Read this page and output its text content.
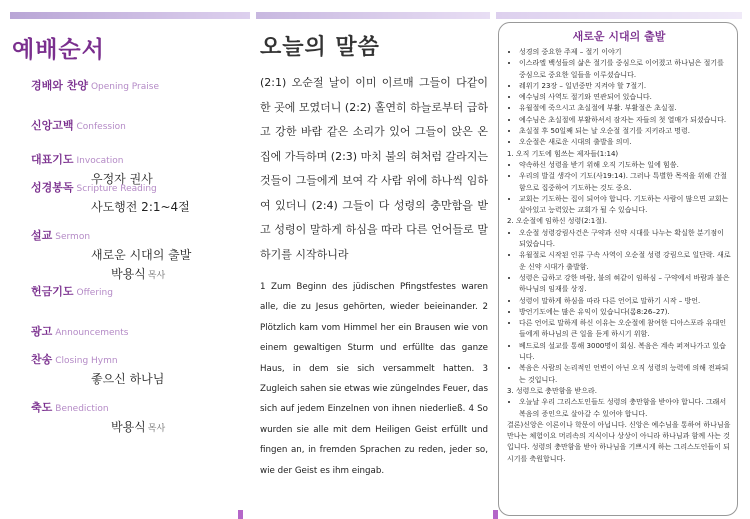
예배순서
경배와 찬양 Opening Praise
신앙고백 Confession
대표기도 Invocation
우정자 권사
성경봉독 Scripture Reading
사도행전 2:1~4절
설교 Sermon
새로운 시대의 출발
박용식 목사
헌금기도 Offering
광고 Announcements
찬송 Closing Hymn
좋으신 하나님
축도 Benediction
박용식 목사
오늘의 말씀

(2:1) 오순절 날이 이미 이르매 그들이 다같이 한 곳에 모였더니 (2:2) 홀연히 하늘로부터 급하고 강한 바람 같은 소리가 있어 그들이 앉은 온 집에 가득하며 (2:3) 마치 불의 혀처럼 갈라지는 것들이 그들에게 보여 각 사람 위에 하나씩 임하여 있더니 (2:4) 그들이 다 성령의 충만함을 받고 성령이 말하게 하심을 따라 다른 언어들로 말하기를 시작하니라

1 Zum Beginn des jüdischen Pfingstfestes waren alle, die zu Jesus gehörten, wieder beieinander. 2 Plötzlich kam vom Himmel her ein Brausen wie von einem gewaltigen Sturm und erfüllte das ganze Haus, in dem sie sich versammelt hatten. 3 Zugleich sahen sie etwas wie züngelndes Feuer, das sich auf jedem Einzelnen von ihnen niederließ. 4 So wurden sie alle mit dem Heiligen Geist erfüllt und fingen an, in fremden Sprachen zu reden, jeder so, wie der Geist es ihm eingab.

새로운 시대의 출발
• 성경의 중요한 주제 – 절기 이야기
• 이스라엘 백성들의 삶은 절기를 중심으로 이어졌고 하나님은 절기를 중심으로 중요한 일들을 이루셨습니다.
• 레위기 23장 – 일년중만 지켜야 할 7절기.
• 예수님의 사역도 절기와 연관되어 있습니다.
• 유월절에 죽으시고 초실절에 부활. 부활절은 초실절.
• 예수님은 초실절에 부활하셔서 잠자는 자들의 첫 열매가 되셨습니다.
• 초실절 후 50일째 되는 날 오순절 절기를 지키라고 명령.
• 오순절은 새로운 시대의 출발을 의미.

1. 오직 기도에 힘쓰는 제자들(1:14)

• 약속하신 성령을 받기 위해 오직 기도하는 일에 힘씀.
• 우리의 발걸 생각이 기도(사19:14). 그러나 특별한 목적을 위해 간절함으로 집중하여 기도하는 것도 중요.
• 교회는 기도하는 집이 되어야 합니다. 기도하는 사람이 많으면 교회는 살아있고 능력있는 교회가 될 수 있습니다.

2. 오순절에 임하신 성령(2:1절).

• 오순절 성령강림사건은 구약과 신약 시대를 나누는 확실한 분기점이 되었습니다.
• 유월절로 시작된 인류 구속 사역이 오순절 성령 강림으로 일단락. 새로운 신약 시대가 출발함.
• 성령은 급하고 강한 바람, 불의 혀같이 임하심 – 구약에서 바람과 불은 하나님의 임재를 상징.
• 성령이 말하게 하심을 따라 다른 언어로 말하기 시작 – 방언.
• 방언기도에는 많은 유익이 있습니다(롬8:26–27).
• 다른 언어로 말하게 하신 이유는 오순절에 참여한 디아스포라 유대인들에게 하나님의 큰 일을 듣게 하시기 위함.
• 베드로의 설교를 통해 3000명이 회심. 복음은 계속 퍼져나가고 있습니다.
• 복음은 사람의 논리적인 언변이 아닌 오직 성령의 능력에 의해 전파되는 것입니다.

3. 성령으로 충만함을 받으라.

• 오늘날 우리 그리스도인들도 성령의 충만함을 받아야 합니다. 그래서 복음의 증인으로 살아갈 수 있어야 합니다.

결론)신앙은 이론이나 학문이 아닙니다. 신앙은 예수님을 통하여 하나님을 만나는 체험이요 머리속의 지식이나 상상이 아니라 하나님과 함께 사는 것입니다. 성령의 충만함을 받아 하나님을 기쁘시게 하는 그리스도인들이 되시기를 축원합니다.
